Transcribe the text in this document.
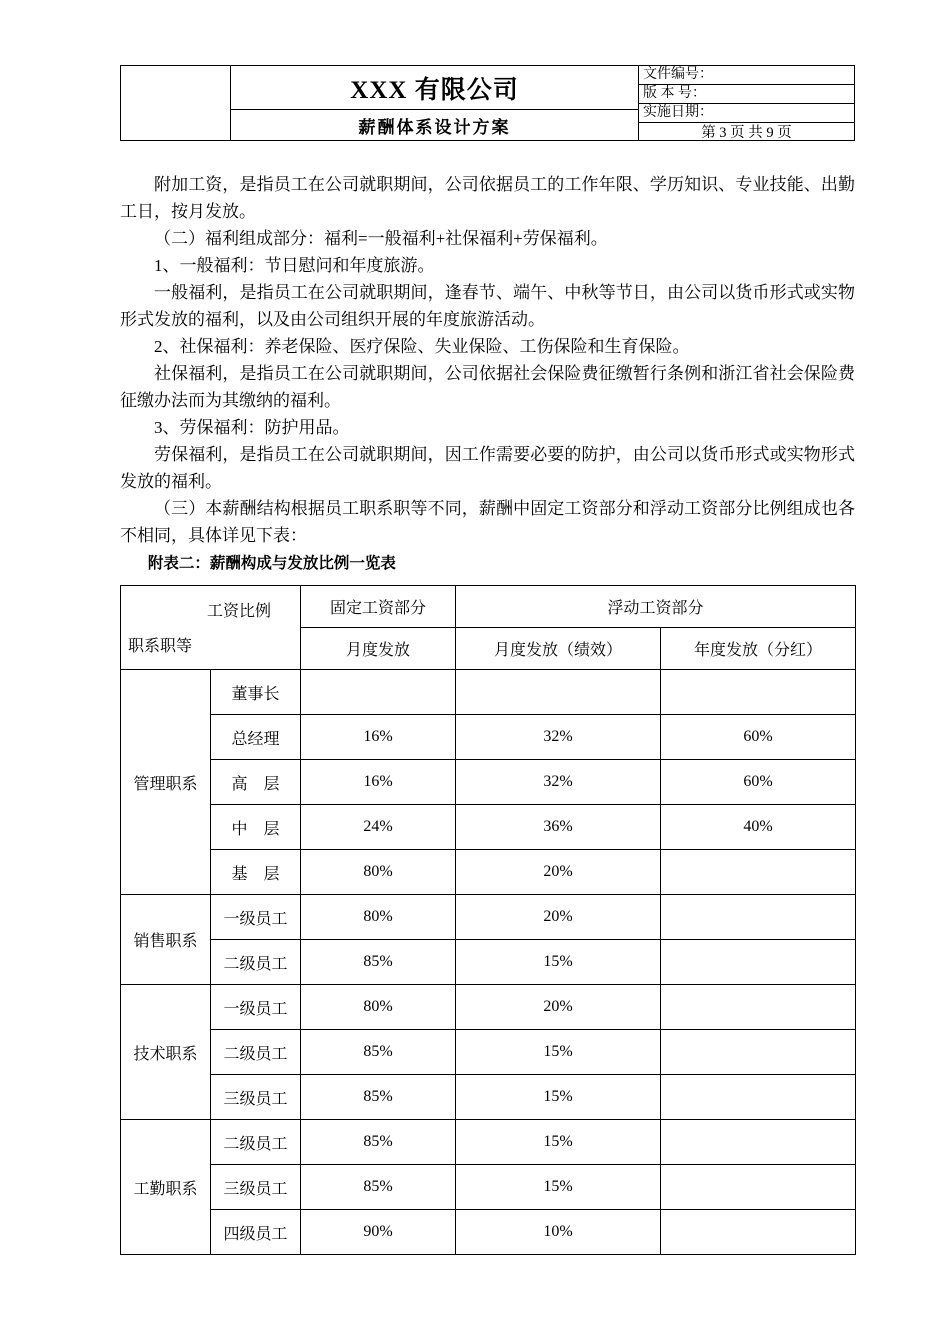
XXX 有限公司
薪酬体系设计方案
文件编号：
版 本 号：
实施日期：
第 3 页 共 9 页

附加工资，是指员工在公司就职期间，公司依据员工的工作年限、学历知识、专业技能、出勤工日，按月发放。

（二）福利组成部分：福利=一般福利+社保福利+劳保福利。

1、一般福利：节日慰问和年度旅游。

一般福利，是指员工在公司就职期间，逢春节、端午、中秋等节日，由公司以货币形式或实物形式发放的福利，以及由公司组织开展的年度旅游活动。

2、社保福利：养老保险、医疗保险、失业保险、工伤保险和生育保险。

社保福利，是指员工在公司就职期间，公司依据社会保险费征缴暂行条例和浙江省社会保险费征缴办法而为其缴纳的福利。

3、劳保福利：防护用品。

劳保福利，是指员工在公司就职期间，因工作需要必要的防护，由公司以货币形式或实物形式发放的福利。

（三）本薪酬结构根据员工职系职等不同，薪酬中固定工资部分和浮动工资部分比例组成也各不相同，具体详见下表：

附表二：薪酬构成与发放比例一览表

工资比例
职系职等		固定工资部分	浮动工资部分	
		月度发放	月度发放（绩效）	年度发放（分红）
管理职系	董事长			
	总经理	16%	32%	60%
	高　层	16%	32%	60%
	中　层	24%	36%	40%
	基　层	80%	20%	
销售职系	一级员工	80%	20%	
	二级员工	85%	15%	
技术职系	一级员工	80%	20%	
	二级员工	85%	15%	
	三级员工	85%	15%	
工勤职系	二级员工	85%	15%	
	三级员工	85%	15%	
	四级员工	90%	10%	
